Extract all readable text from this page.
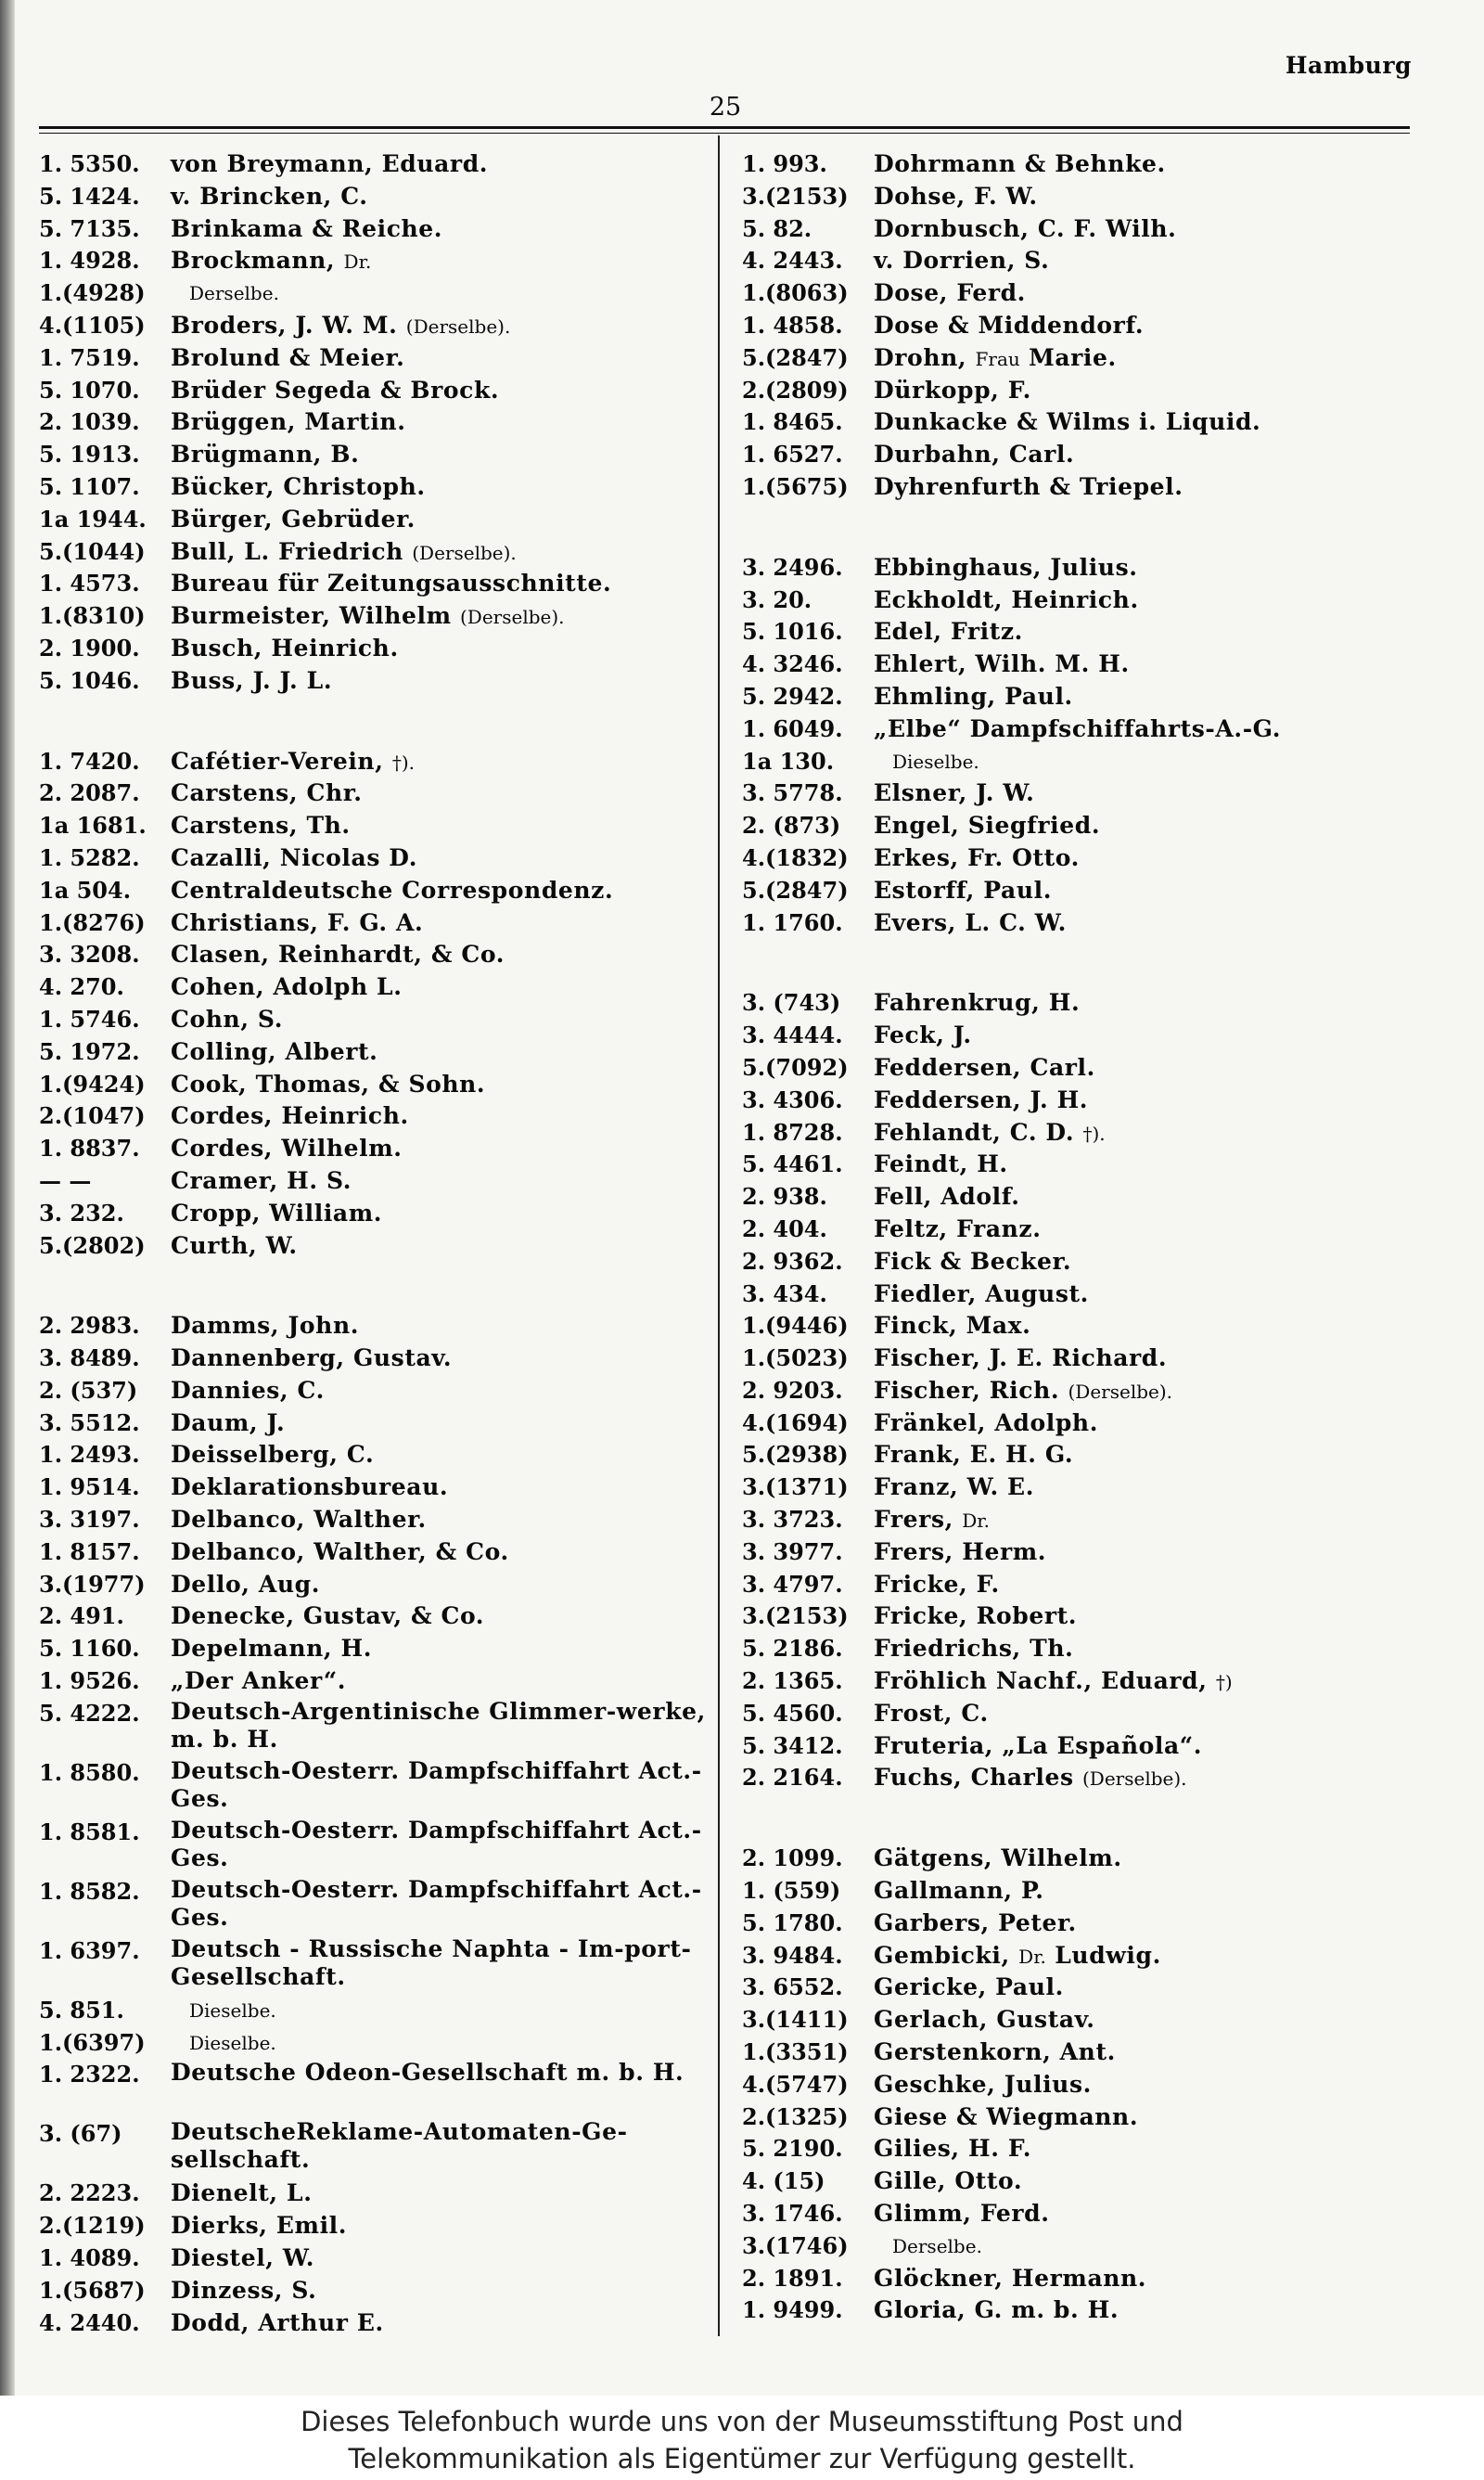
Hamburg
25
1. 5350.	von Breymann, Eduard.
5. 1424.	v. Brincken, C.
5. 7135.	Brinkama & Reiche.
1. 4928.	Brockmann, Dr.
1.(4928)	Derselbe.
4.(1105)	Broders, J. W. M. (Derselbe).
1. 7519.	Brolund & Meier.
5. 1070.	Brüder Segeda & Brock.
2. 1039.	Brüggen, Martin.
5. 1913.	Brügmann, B.
5. 1107.	Bücker, Christoph.
1a 1944.	Bürger, Gebrüder.
5.(1044)	Bull, L. Friedrich (Derselbe).
1. 4573.	Bureau für Zeitungsausschnitte.
1.(8310)	Burmeister, Wilhelm (Derselbe).
2. 1900.	Busch, Heinrich.
5. 1046.	Buss, J. J. L.
1. 7420.	Cafétier-Verein, †).
2. 2087.	Carstens, Chr.
1a 1681.	Carstens, Th.
1. 5282.	Cazalli, Nicolas D.
1a 504.	Centraldeutsche Correspondenz.
1.(8276)	Christians, F. G. A.
3. 3208.	Clasen, Reinhardt, & Co.
4. 270.	Cohen, Adolph L.
1. 5746.	Cohn, S.
5. 1972.	Colling, Albert.
1.(9424)	Cook, Thomas, & Sohn.
2.(1047)	Cordes, Heinrich.
1. 8837.	Cordes, Wilhelm.
— —	Cramer, H. S.
3. 232.	Cropp, William.
5.(2802)	Curth, W.
2. 2983.	Damms, John.
3. 8489.	Dannenberg, Gustav.
2. (537)	Dannies, C.
3. 5512.	Daum, J.
1. 2493.	Deisselberg, C.
1. 9514.	Deklarationsbureau.
3. 3197.	Delbanco, Walther.
1. 8157.	Delbanco, Walther, & Co.
3.(1977)	Dello, Aug.
2. 491.	Denecke, Gustav, & Co.
5. 1160.	Depelmann, H.
1. 9526.	„Der Anker“.
5. 4222.	Deutsch-Argentinische Glimmer-werke, m. b. H.
1. 8580.	Deutsch-Oesterr. Dampfschiffahrt Act.-Ges.
1. 8581.	Deutsch-Oesterr. Dampfschiffahrt Act.-Ges.
1. 8582.	Deutsch-Oesterr. Dampfschiffahrt Act.-Ges.
1. 6397.	Deutsch - Russische Naphta - Im-port-Gesellschaft.
5. 851.	Dieselbe.
1.(6397)	Dieselbe.
1. 2322.	Deutsche Odeon-Gesellschaft m. b. H.
3. (67)	DeutscheReklame-Automaten-Ge-sellschaft.
2. 2223.	Dienelt, L.
2.(1219)	Dierks, Emil.
1. 4089.	Diestel, W.
1.(5687)	Dinzess, S.
4. 2440.	Dodd, Arthur E.
1. 993.	Dohrmann & Behnke.
3.(2153)	Dohse, F. W.
5. 82.	Dornbusch, C. F. Wilh.
4. 2443.	v. Dorrien, S.
1.(8063)	Dose, Ferd.
1. 4858.	Dose & Middendorf.
5.(2847)	Drohn, Frau Marie.
2.(2809)	Dürkopp, F.
1. 8465.	Dunkacke & Wilms i. Liquid.
1. 6527.	Durbahn, Carl.
1.(5675)	Dyhrenfurth & Triepel.
3. 2496.	Ebbinghaus, Julius.
3. 20.	Eckholdt, Heinrich.
5. 1016.	Edel, Fritz.
4. 3246.	Ehlert, Wilh. M. H.
5. 2942.	Ehmling, Paul.
1. 6049.	„Elbe“ Dampfschiffahrts-A.-G.
1a 130.	Dieselbe.
3. 5778.	Elsner, J. W.
2. (873)	Engel, Siegfried.
4.(1832)	Erkes, Fr. Otto.
5.(2847)	Estorff, Paul.
1. 1760.	Evers, L. C. W.
3. (743)	Fahrenkrug, H.
3. 4444.	Feck, J.
5.(7092)	Feddersen, Carl.
3. 4306.	Feddersen, J. H.
1. 8728.	Fehlandt, C. D. †).
5. 4461.	Feindt, H.
2. 938.	Fell, Adolf.
2. 404.	Feltz, Franz.
2. 9362.	Fick & Becker.
3. 434.	Fiedler, August.
1.(9446)	Finck, Max.
1.(5023)	Fischer, J. E. Richard.
2. 9203.	Fischer, Rich. (Derselbe).
4.(1694)	Fränkel, Adolph.
5.(2938)	Frank, E. H. G.
3.(1371)	Franz, W. E.
3. 3723.	Frers, Dr.
3. 3977.	Frers, Herm.
3. 4797.	Fricke, F.
3.(2153)	Fricke, Robert.
5. 2186.	Friedrichs, Th.
2. 1365.	Fröhlich Nachf., Eduard, †)
5. 4560.	Frost, C.
5. 3412.	Fruteria, „La Española“.
2. 2164.	Fuchs, Charles (Derselbe).
2. 1099.	Gätgens, Wilhelm.
1. (559)	Gallmann, P.
5. 1780.	Garbers, Peter.
3. 9484.	Gembicki, Dr. Ludwig.
3. 6552.	Gericke, Paul.
3.(1411)	Gerlach, Gustav.
1.(3351)	Gerstenkorn, Ant.
4.(5747)	Geschke, Julius.
2.(1325)	Giese & Wiegmann.
5. 2190.	Gilies, H. F.
4. (15)	Gille, Otto.
3. 1746.	Glimm, Ferd.
3.(1746)	Derselbe.
2. 1891.	Glöckner, Hermann.
1. 9499.	Gloria, G. m. b. H.
Dieses Telefonbuch wurde uns von der Museumsstiftung Post und
Telekommunikation als Eigentümer zur Verfügung gestellt.
